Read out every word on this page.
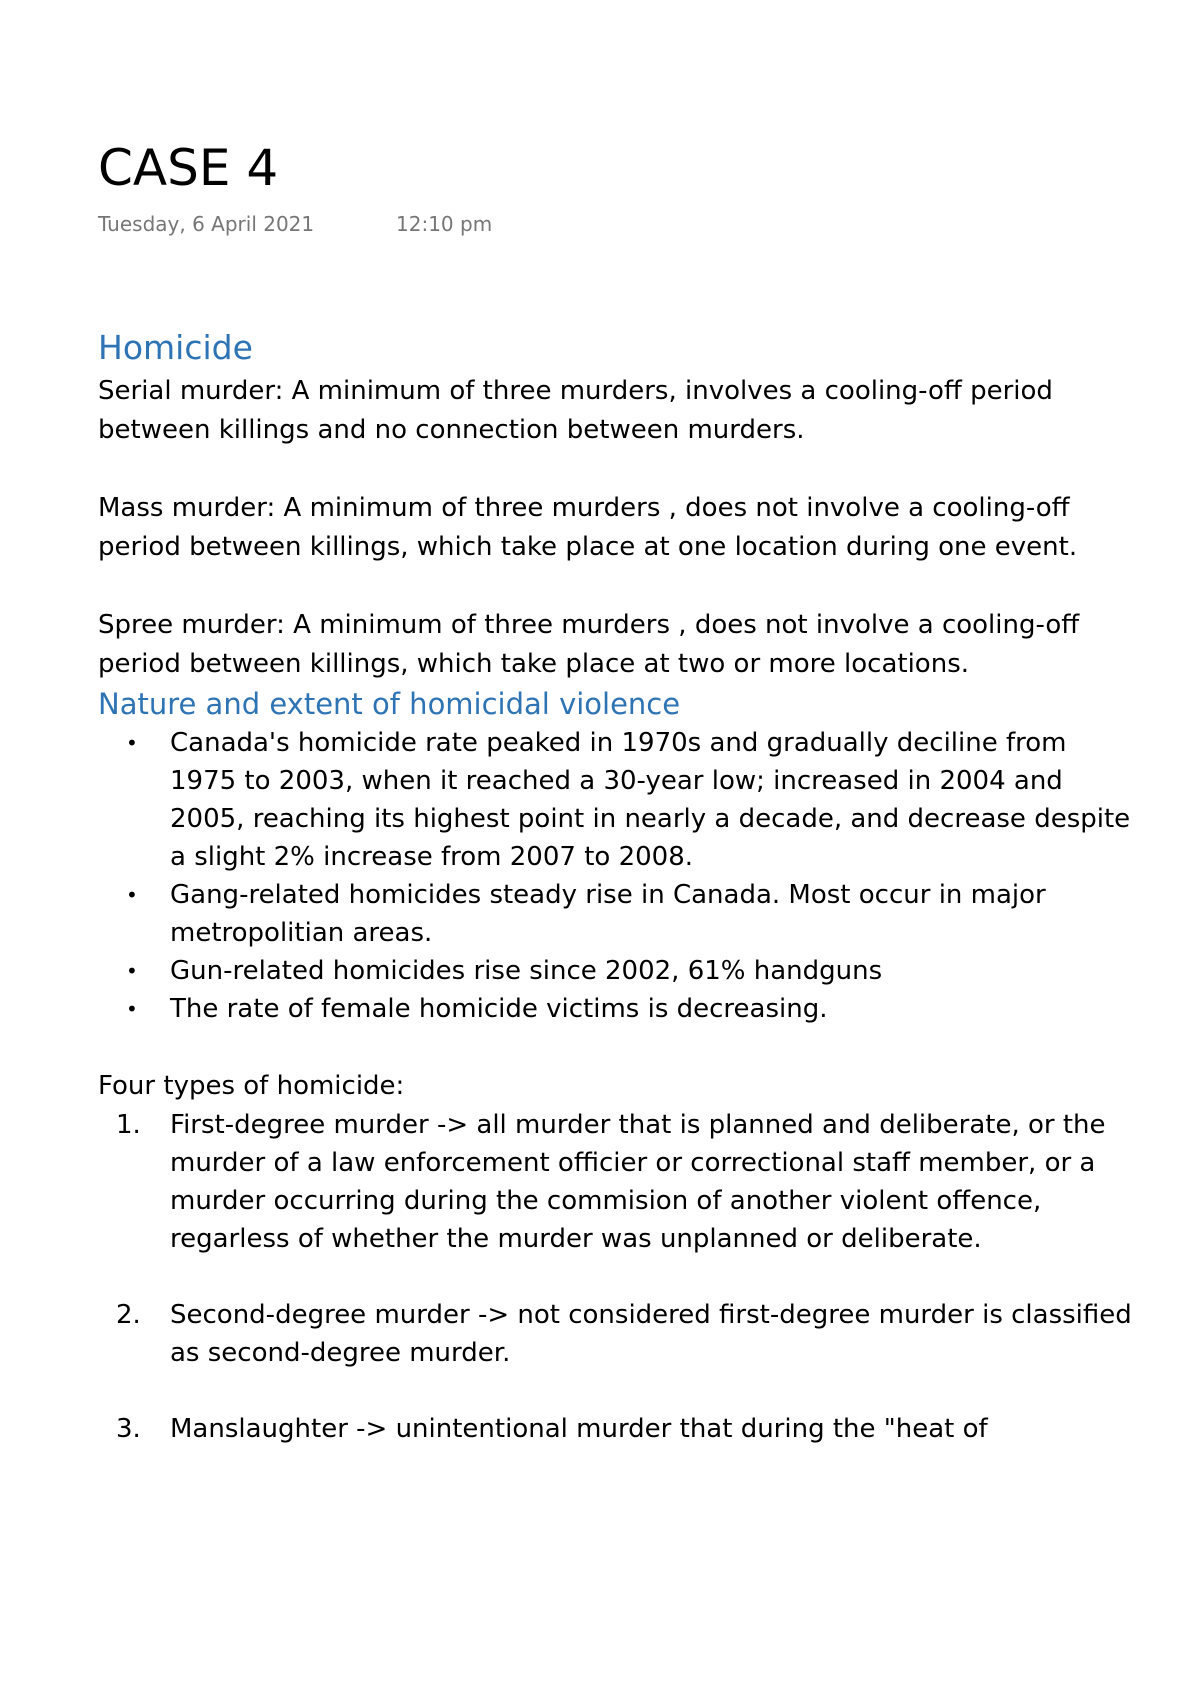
CASE 4
Tuesday, 6 April 2021	12:10 pm
Homicide

Serial murder: A minimum of three murders, involves a cooling-off period between killings and no connection between murders.

Mass murder: A minimum of three murders , does not involve a cooling-off period between killings, which take place at one location during one event.

Spree murder: A minimum of three murders , does not involve a cooling-off period between killings, which take place at two or more locations.

Nature and extent of homicidal violence
• Canada's homicide rate peaked in 1970s and gradually deciline from 1975 to 2003, when it reached a 30-year low; increased in 2004 and 2005, reaching its highest point in nearly a decade, and decrease despite a slight 2% increase from 2007 to 2008.
• Gang-related homicides steady rise in Canada. Most occur in major metropolitian areas.
• Gun-related homicides rise since 2002, 61% handguns
• The rate of female homicide victims is decreasing.

Four types of homicide:

1. First-degree murder -> all murder that is planned and deliberate, or the murder of a law enforcement officier or correctional staff member, or a murder occurring during the commision of another violent offence, regarless of whether the murder was unplanned or deliberate.
2. Second-degree murder -> not considered first-degree murder is classified as second-degree murder.
3. Manslaughter -> unintentional murder that during the "heat of
